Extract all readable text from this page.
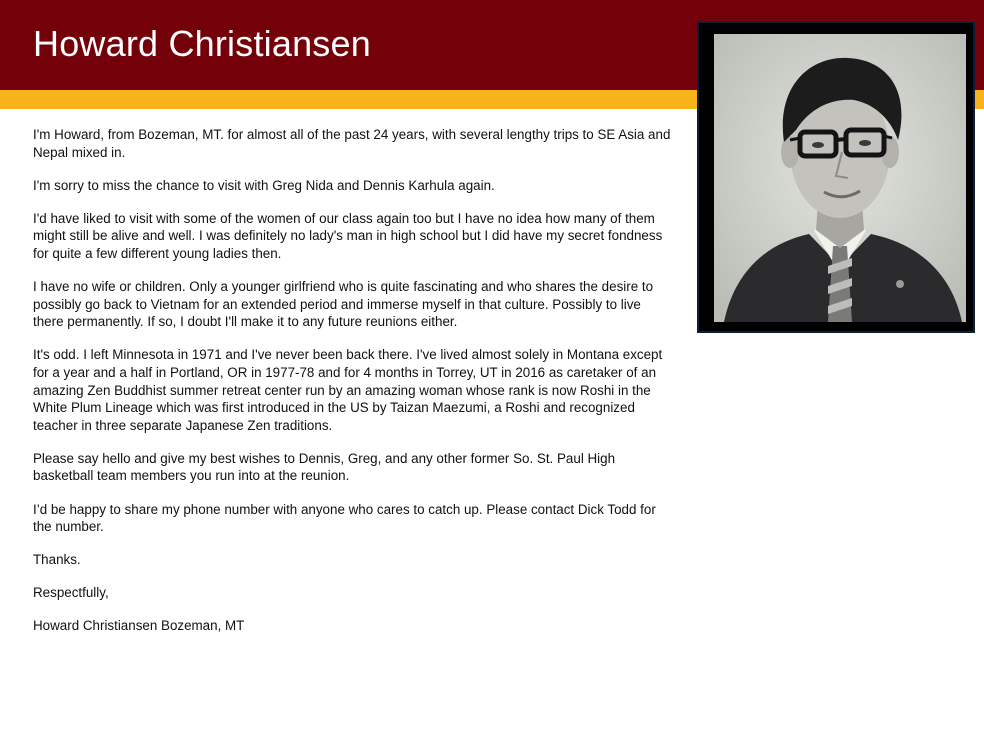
Howard Christiansen

I'm Howard, from Bozeman, MT. for almost all of the past 24 years, with several lengthy trips to SE Asia and Nepal mixed in.

I'm sorry to miss the chance to visit with Greg Nida and Dennis Karhula again.

I'd have liked to visit with some of the women of our class again too but I have no idea how many of them might still be alive and well. I was definitely no lady's man in high school but I did have my secret fondness for quite a few different young ladies then.

I have no wife or children. Only a younger girlfriend who is quite fascinating and who shares the desire to possibly go back to Vietnam for an extended period and immerse myself in that culture. Possibly to live there permanently. If so, I doubt I'll make it to any future reunions either.

It's odd. I left Minnesota in 1971 and I've never been back there. I've lived almost solely in Montana except for a year and a half in Portland, OR in 1977-78 and for 4 months in Torrey, UT in 2016 as caretaker of an amazing Zen Buddhist summer retreat center run by an amazing woman whose rank is now Roshi in the White Plum Lineage which was first introduced in the US by Taizan Maezumi, a Roshi and recognized teacher in three separate Japanese Zen traditions.

Please say hello and give my best wishes to Dennis, Greg, and any other former So. St. Paul High basketball team members you run into at the reunion.

I’d be happy to share my phone number with anyone who cares to catch up. Please contact Dick Todd for the number.

Thanks.

Respectfully,

Howard Christiansen Bozeman, MT
